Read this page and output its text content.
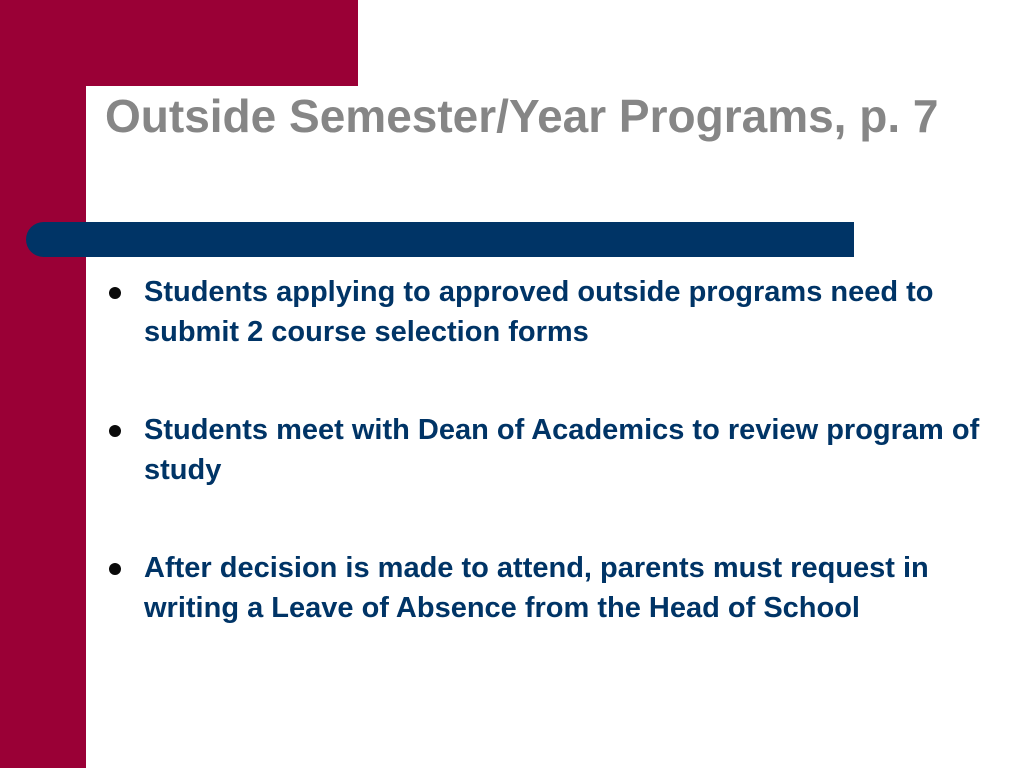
Outside Semester/Year Programs, p. 7
Students applying to approved outside programs need to submit 2 course selection forms
Students meet with Dean of Academics to review program of study
After decision is made to attend, parents must request in writing a Leave of Absence from the Head of School
